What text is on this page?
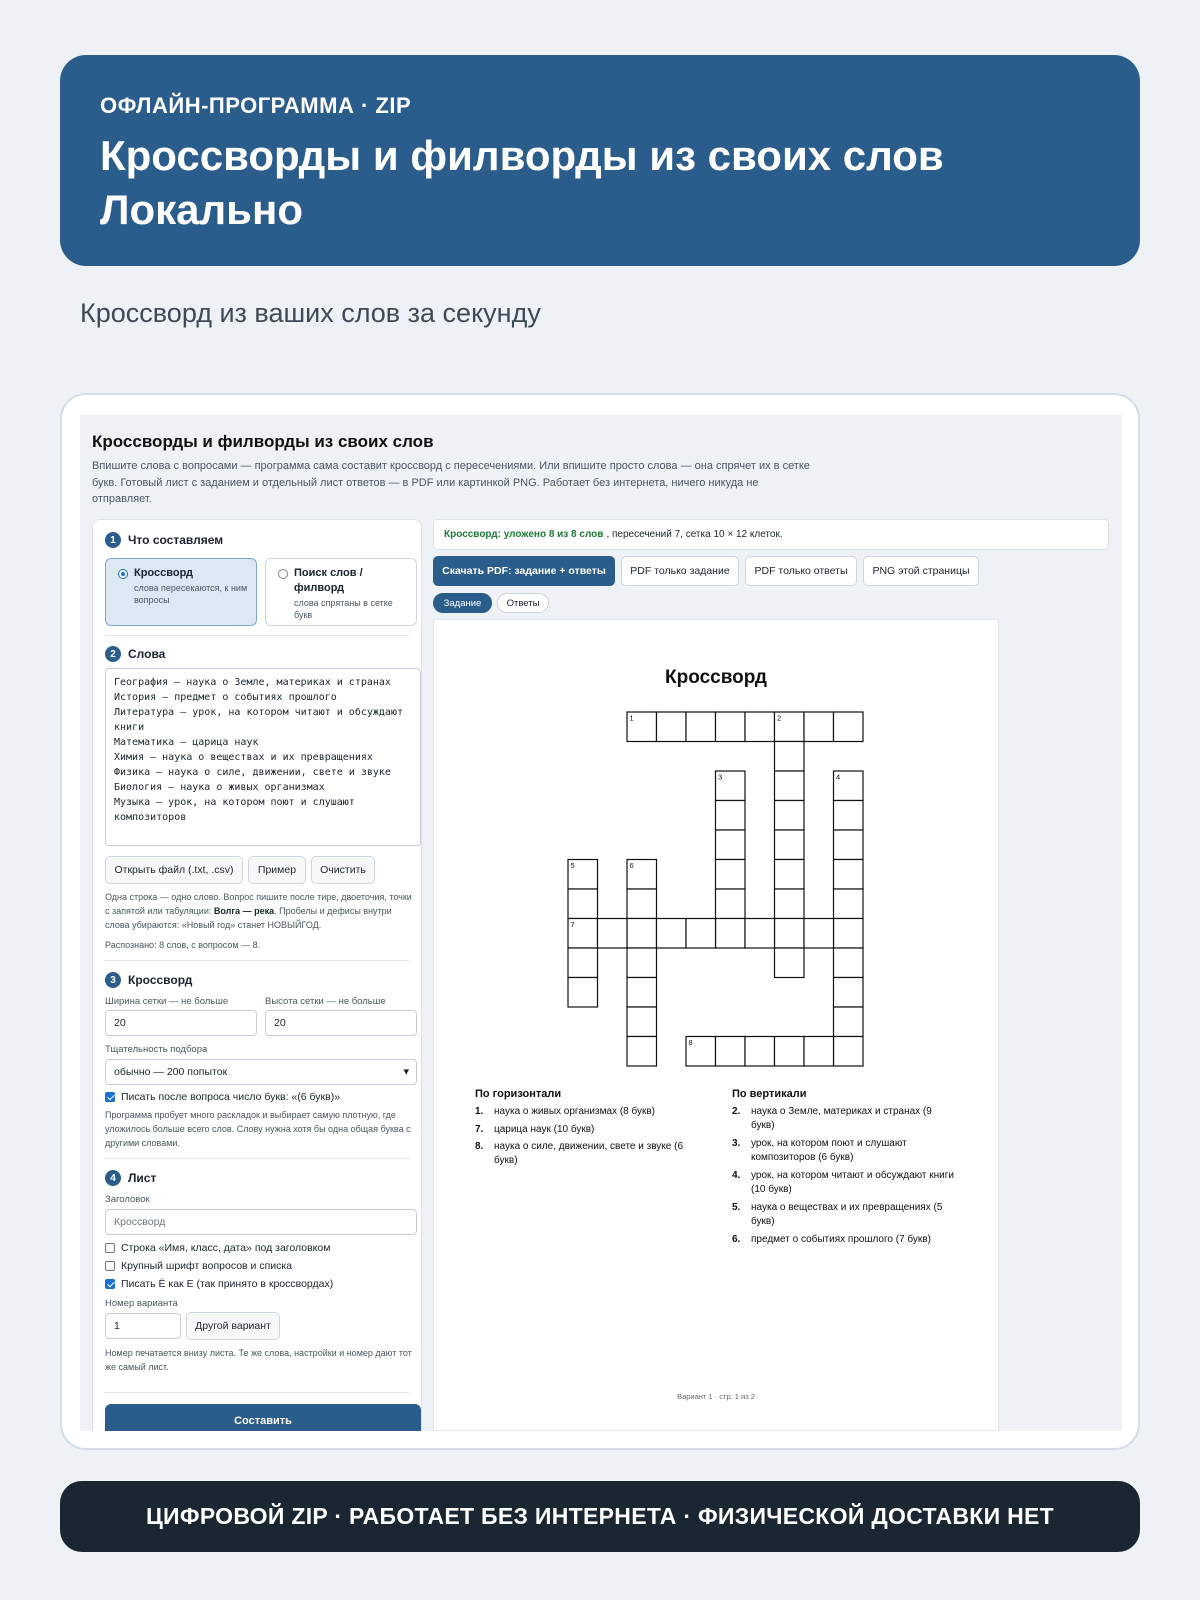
ОФЛАЙН-ПРОГРАММА · ZIP
Кроссворды и филворды из своих слов
Локально
Кроссворд из ваших слов за секунду
Кроссворды и филворды из своих слов
Впишите слова с вопросами — программа сама составит кроссворд с пересечениями. Или впишите просто слова — она спрячет их в сетке букв. Готовый лист с заданием и отдельный лист ответов — в PDF или картинкой PNG. Работает без интернета, ничего никуда не отправляет.
1	Что составляем
Кроссворд
слова пересекаются, к ним вопросы
Поиск слов / филворд
слова спрятаны в сетке букв
2	Слова
География — наука о Земле, материках и странах
История — предмет о событиях прошлого
Литература — урок, на котором читают и обсуждают книги
Математика — царица наук
Химия — наука о веществах и их превращениях
Физика — наука о силе, движении, свете и звуке
Биология — наука о живых организмах
Музыка — урок, на котором поют и слушают композиторов
Открыть файл (.txt, .csv)	Пример	Очистить
Одна строка — одно слово. Вопрос пишите после тире, двоеточия, точки с запятой или табуляции: Волга — река. Пробелы и дефисы внутри слова убираются: «Новый год» станет НОВЫЙГОД.
Распознано: 8 слов, с вопросом — 8.
3	Кроссворд
Ширина сетки — не больше
20
Высота сетки — не больше
20
Тщательность подбора
обычно — 200 попыток
▾
Писать после вопроса число букв: «(6 букв)»
Программа пробует много раскладок и выбирает самую плотную, где уложилось больше всего слов. Слову нужна хотя бы одна общая буква с другими словами.
4	Лист
Заголовок
Кроссворд
Строка «Имя, класс, дата» под заголовком
Крупный шрифт вопросов и списка
Писать Ё как Е (так принято в кроссвордах)
Номер варианта
1	Другой вариант
Номер печатается внизу листа. Те же слова, настройки и номер дают тот же самый лист.
Составить
Кроссворд: уложено 8 из 8 слов , пересечений 7, сетка 10 × 12 клеток.
Скачать PDF: задание + ответы	PDF только задание	PDF только ответы	PNG этой страницы
Задание	Ответы
Кроссворд
1	2
3	4
5	6
7
8
По горизонтали
1.	наука о живых организмах (8 букв)
7.	царица наук (10 букв)
8.	наука о силе, движении, свете и звуке (6 букв)
По вертикали
2.	наука о Земле, материках и странах (9 букв)
3.	урок, на котором поют и слушают композиторов (6 букв)
4.	урок, на котором читают и обсуждают книги (10 букв)
5.	наука о веществах и их превращениях (5 букв)
6.	предмет о событиях прошлого (7 букв)
Вариант 1 · стр. 1 из 2
ЦИФРОВОЙ ZIP · РАБОТАЕТ БЕЗ ИНТЕРНЕТА · ФИЗИЧЕСКОЙ ДОСТАВКИ НЕТ
